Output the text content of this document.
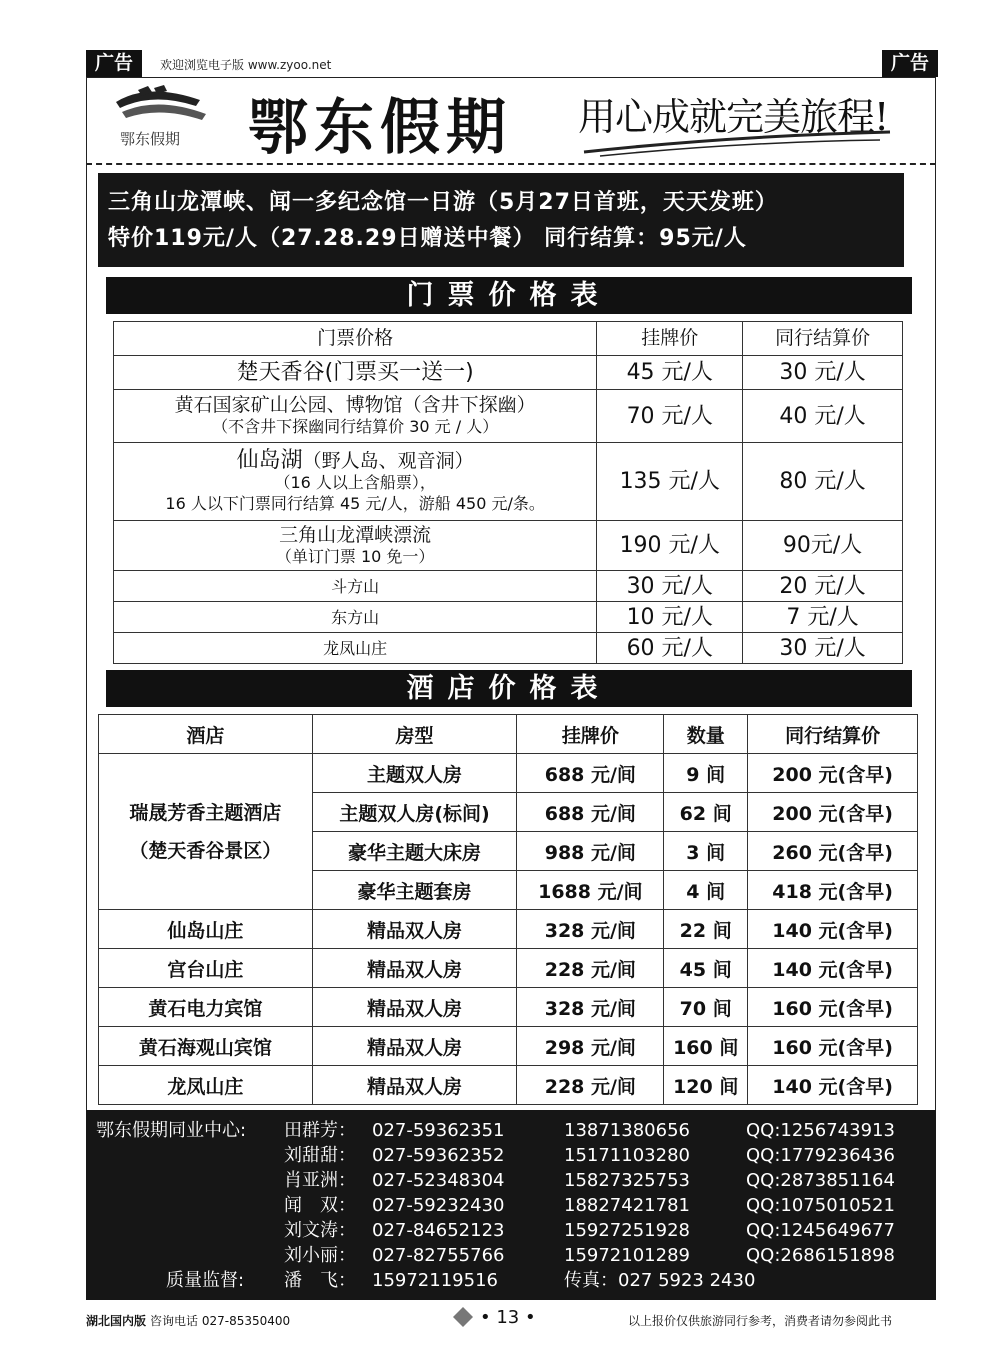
广告	欢迎浏览电子版 www.zyoo.net	广告
鄂东假期 鄂东假期 用心成就完美旅程!
三角山龙潭峡、闻一多纪念馆一日游（5月27日首班，天天发班）
特价119元/人（27.28.29日赠送中餐） 同行结算：95元/人
门票价格表
门票价格	挂牌价	同行结算价
楚天香谷(门票买一送一)	45 元/人	30 元/人

黄石国家矿山公园、博物馆（含井下探幽）
（不含井下探幽同行结算价 30 元 / 人）	70 元/人	40 元/人

仙岛湖（野人岛、观音洞）
（16 人以上含船票），
16 人以下门票同行结算 45 元/人，游船 450 元/条。	135 元/人	80 元/人

三角山龙潭峡漂流
（单订门票 10 免一）	190 元/人	90元/人
斗方山	30 元/人	20 元/人
东方山	10 元/人	7 元/人
龙凤山庄	60 元/人	30 元/人
酒店价格表
酒店	房型	挂牌价	数量	同行结算价

瑞晟芳香主题酒店
（楚天香谷景区）	主题双人房	688 元/间	9 间	200 元(含早)
	主题双人房(标间)	688 元/间	62 间	200 元(含早)
	豪华主题大床房	988 元/间	3 间	260 元(含早)
	豪华主题套房	1688 元/间	4 间	418 元(含早)
仙岛山庄	精品双人房	328 元/间	22 间	140 元(含早)
宫台山庄	精品双人房	228 元/间	45 间	140 元(含早)
黄石电力宾馆	精品双人房	328 元/间	70 间	160 元(含早)
黄石海观山宾馆	精品双人房	298 元/间	160 间	160 元(含早)
龙凤山庄	精品双人房	228 元/间	120 间	140 元(含早)
鄂东假期同业中心: 田群芳： 027-59362351	13871380656	QQ:1256743913
刘甜甜： 027-59362352	15171103280	QQ:1779236436
肖亚洲： 027-52348304	15827325753	QQ:2873851164
闻　双： 027-59232430	18827421781	QQ:1075010521
刘文涛： 027-84652123	15927251928	QQ:1245649677
刘小丽： 027-82755766	15972101289	QQ:2686151898
质量监督: 潘　飞： 15972119516	传真：027 5923 2430
湖北国内版 咨询电话 027-85350400	• 13 •	以上报价仅供旅游同行参考，消费者请勿参阅此书
